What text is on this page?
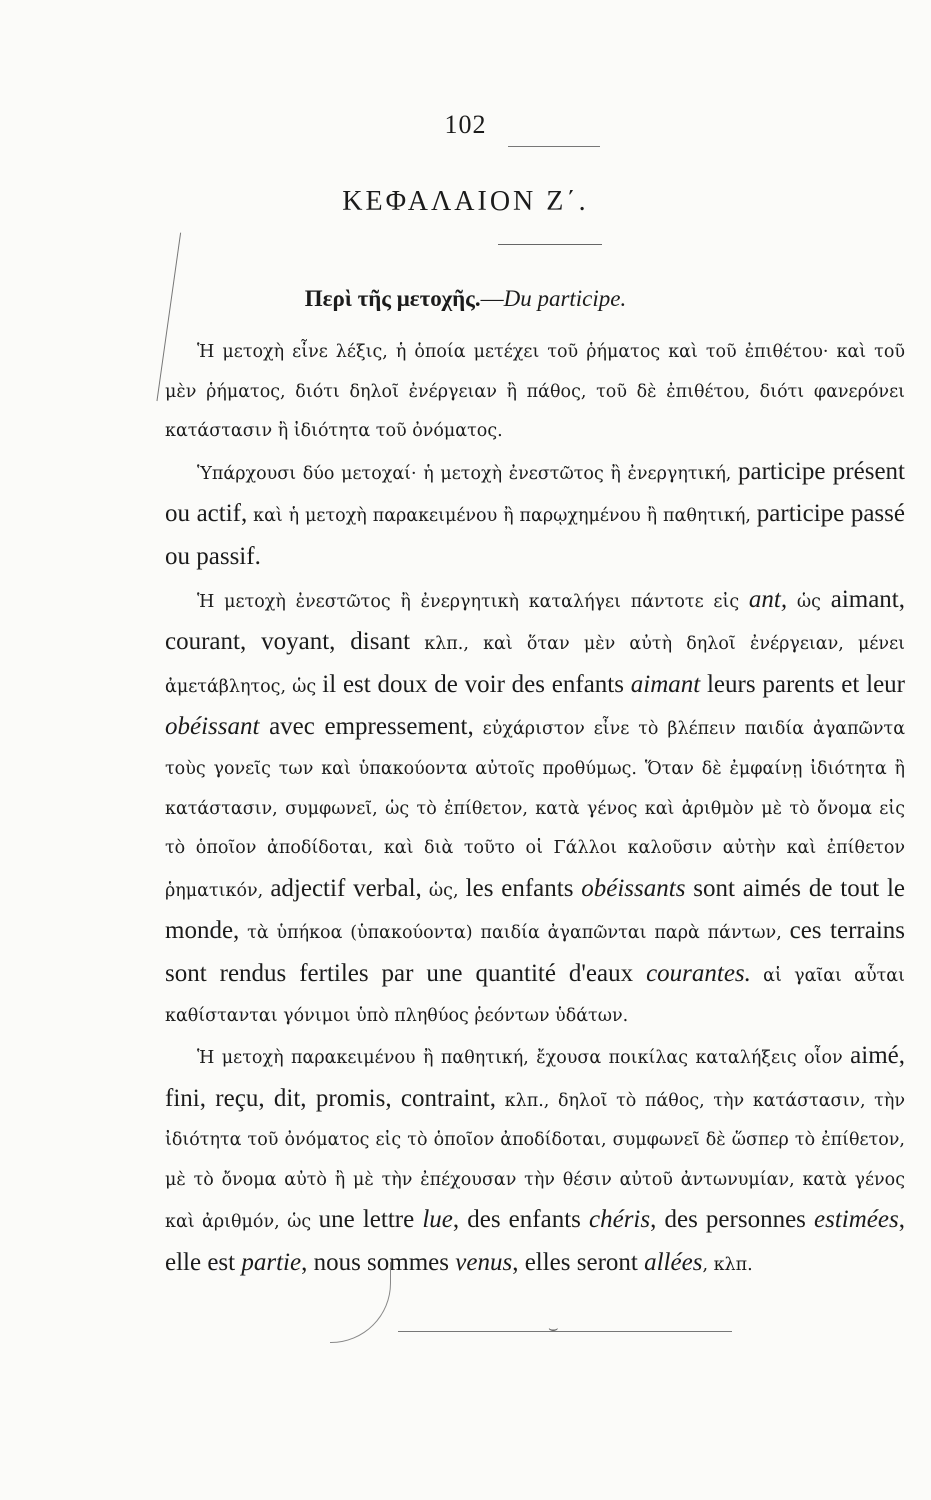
102
ΚΕΦΑΛΑΙΟΝ Ζ΄.
Περὶ τῆς μετοχῆς.—Du participe.

Ἡ μετοχὴ εἶνε λέξις, ἡ ὁποία μετέχει τοῦ ῥήματος καὶ τοῦ ἐπιθέτου· καὶ τοῦ μὲν ῥήματος, διότι δηλοῖ ἐνέργειαν ἢ πάθος, τοῦ δὲ ἐπιθέτου, διότι φανερόνει κατάστασιν ἢ ἰδιότητα τοῦ ὀνόματος.

Ὑπάρχουσι δύο μετοχαί· ἡ μετοχὴ ἐνεστῶτος ἢ ἐνεργητική, participe présent ou actif, καὶ ἡ μετοχὴ παρακειμένου ἢ παρῳχημένου ἢ παθητική, participe passé ou passif.

Ἡ μετοχὴ ἐνεστῶτος ἢ ἐνεργητικὴ καταλήγει πάντοτε εἰς ant, ὡς aimant, courant, voyant, disant κλπ., καὶ ὅταν μὲν αὐτὴ δηλοῖ ἐνέργειαν, μένει ἀμετάβλητος, ὡς il est doux de voir des enfants aimant leurs parents et leur obéissant avec empressement, εὐχάριστον εἶνε τὸ βλέπειν παιδία ἀγαπῶντα τοὺς γονεῖς των καὶ ὑπακούοντα αὐτοῖς προθύμως. Ὅταν δὲ ἐμφαίνῃ ἰδιότητα ἢ κατάστασιν, συμφωνεῖ, ὡς τὸ ἐπίθετον, κατὰ γένος καὶ ἀριθμὸν μὲ τὸ ὄνομα εἰς τὸ ὁποῖον ἀποδίδοται, καὶ διὰ τοῦτο οἱ Γάλλοι καλοῦσιν αὐτὴν καὶ ἐπίθετον ῥηματικόν, adjectif verbal, ὡς, les enfants obéissants sont aimés de tout le monde, τὰ ὑπήκοα (ὑπακούοντα) παιδία ἀγαπῶνται παρὰ πάντων, ces terrains sont rendus fertiles par une quantité d'eaux courantes. αἱ γαῖαι αὗται καθίστανται γόνιμοι ὑπὸ πληθύος ῥεόντων ὑδάτων.

Ἡ μετοχὴ παρακειμένου ἢ παθητική, ἔχουσα ποικίλας καταλήξεις οἷον aimé, fini, reçu, dit, promis, contraint, κλπ., δηλοῖ τὸ πάθος, τὴν κατάστασιν, τὴν ἰδιότητα τοῦ ὀνόματος εἰς τὸ ὁποῖον ἀποδίδοται, συμφωνεῖ δὲ ὥσπερ τὸ ἐπίθετον, μὲ τὸ ὄνομα αὐτὸ ἢ μὲ τὴν ἐπέχουσαν τὴν θέσιν αὐτοῦ ἀντωνυμίαν, κατὰ γένος καὶ ἀριθμόν, ὡς une lettre lue, des enfants chéris, des personnes estimées, elle est partie, nous sommes venus, elles seront allées, κλπ.

⌣
